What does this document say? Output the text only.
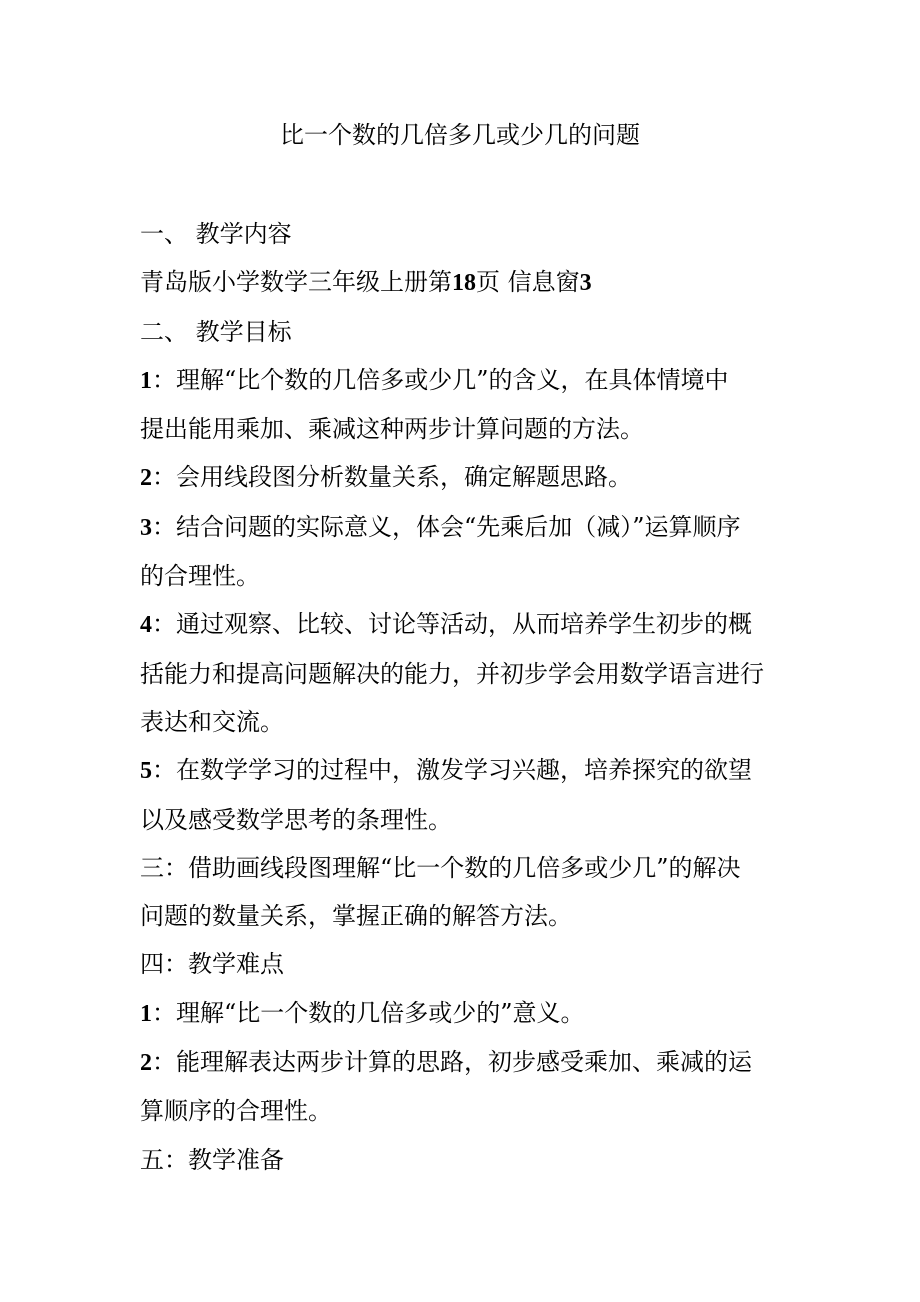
比一个数的几倍多几或少几的问题

一、 教学内容

青岛版小学数学三年级上册第18页 信息窗3

二、 教学目标

1：理解“比个数的几倍多或少几”的含义，在具体情境中

提出能用乘加、乘减这种两步计算问题的方法。

2：会用线段图分析数量关系，确定解题思路。

3：结合问题的实际意义，体会“先乘后加（减）”运算顺序

的合理性。

4：通过观察、比较、讨论等活动，从而培养学生初步的概

括能力和提高问题解决的能力，并初步学会用数学语言进行

表达和交流。

5：在数学学习的过程中，激发学习兴趣，培养探究的欲望

以及感受数学思考的条理性。

三：借助画线段图理解“比一个数的几倍多或少几”的解决

问题的数量关系，掌握正确的解答方法。

四：教学难点

1：理解“比一个数的几倍多或少的”意义。

2：能理解表达两步计算的思路，初步感受乘加、乘减的运

算顺序的合理性。

五：教学准备
